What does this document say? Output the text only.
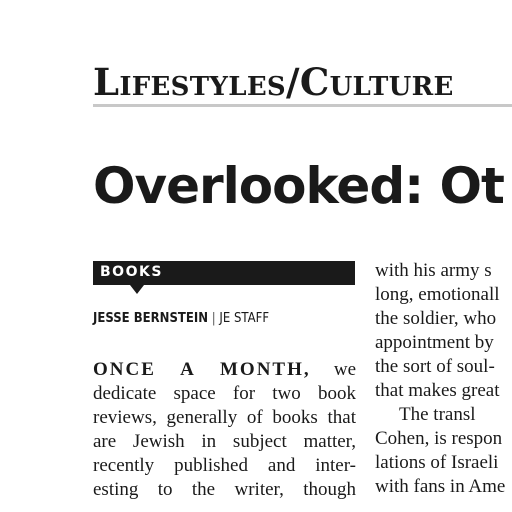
Lifestyles/Culture
Overlooked: Ot
BOOKS
JESSE BERNSTEIN | JE STAFF
ONCE A MONTH, we
dedicate space for two book
reviews, generally of books that
are Jewish in subject matter,
recently published and inter-
esting to the writer, though
with his army s
long, emotionall
the soldier, who
appointment by
the sort of soul-
that makes great
The transl
Cohen, is respon
lations of Israeli
with fans in Ame
